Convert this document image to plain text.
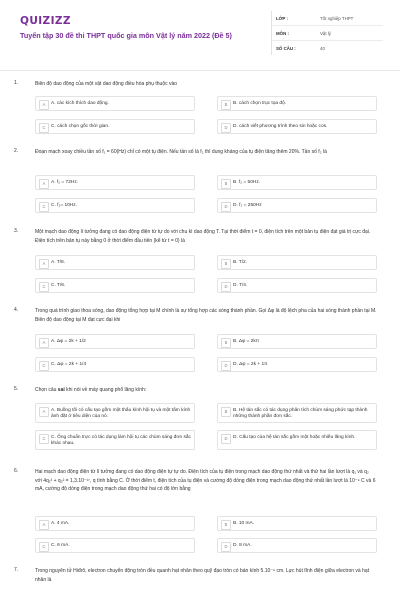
QUIZIZZ
Tuyển tập 30 đề thi THPT quốc gia môn Vật lý năm 2022 (Đề 5)
LỚP :	Tốt nghiệp THPT
MÔN :	Vật lý
SỐ CÂU :	40
1.	Biên độ dao động của một vật dao động điều hòa phụ thuộc vào
A	A. các kích thích dao động.	B	B. cách chọn trục tọa độ.
C	C. cách chọn gốc thời gian.	D	D. cách viết phương trình theo sin hoặc cos.
2.	Đoạn mạch xoay chiều tần số f₁ = 60(Hz) chỉ có một tụ điện. Nếu tần số là f₂ thì dung kháng của tụ điện tăng thêm 20%. Tần số f₂ là
A	A. f₂ = 72Hz.	B	B. f₂ = 50Hz.
C	C. f₂= 10Hz.	D	D. f₂ = 250Hz
3.	Một mạch dao động lí tưởng đang có dao động điện từ tự do với chu kì dao động T. Tại thời điểm t = 0, điện tích trên một bản tụ điện đạt giá trị cực đại. Điện tích trên bản tụ này bằng 0 ở thời điểm đầu tiên (kể từ t = 0) là
A	A. T/8.	B	B. T/2.
C	C. T/6.	D	D. T/4.
4.	Trong quá trình giao thoa sóng, dao động tổng hợp tại M chính là sự tổng hợp các sóng thành phần. Gọi Δφ là độ lệch pha của hai sóng thành phần tại M. Biên độ dao động tại M đạt cực đại khi
A	A. Δφ = 2k + 1/2	B	B. Δφ = 2kπ
C	C. Δφ = 2k + 1/4	D	D. Δφ = 2k + 1π
5.	Chọn câu sai khi nói về máy quang phổ lăng kính:
A	A. Buồng tối có cấu tạo gồm một thấu kính hội tụ và một tấm kính ảnh đặt ở tiêu diện của nó.
B	B. Hệ tán sắc có tác dụng phân tích chùm sáng phức tạp thành những thành phần đơn sắc.
C	C. Ống chuẩn trực có tác dụng làm hội tụ các chùm sáng đơn sắc khác nhau.
D	D. Cấu tạo của hệ tán sắc gồm một hoặc nhiều lăng kính.
6.	Hai mạch dao động điện từ lí tưởng đang có dao động điện tự tự do. Điện tích của tụ điện trong mạch dao động thứ nhất và thứ hai lần lượt là q₁ và q₂ với 4q₁² + q₂² = 1,3.10⁻¹⁷, q tính bằng C. Ở thời điểm t, điện tích của tụ điện và cường độ dòng điện trong mạch dao động thứ nhất lần lượt là 10⁻⁹ C và 6 mA, cường độ dòng điện trong mạch dao động thứ hai có độ lớn bằng
A	A. 4 mA.	B	B. 10 mA.
C	C. 6 mA.	D	D. 8 mA.
7.	Trong nguyên tử Hiđrô, electron chuyển động tròn đều quanh hạt nhân theo quỹ đạo tròn có bán kính 5.10⁻⁹ cm. Lực hút tĩnh điện giữa electron và hạt nhân là
